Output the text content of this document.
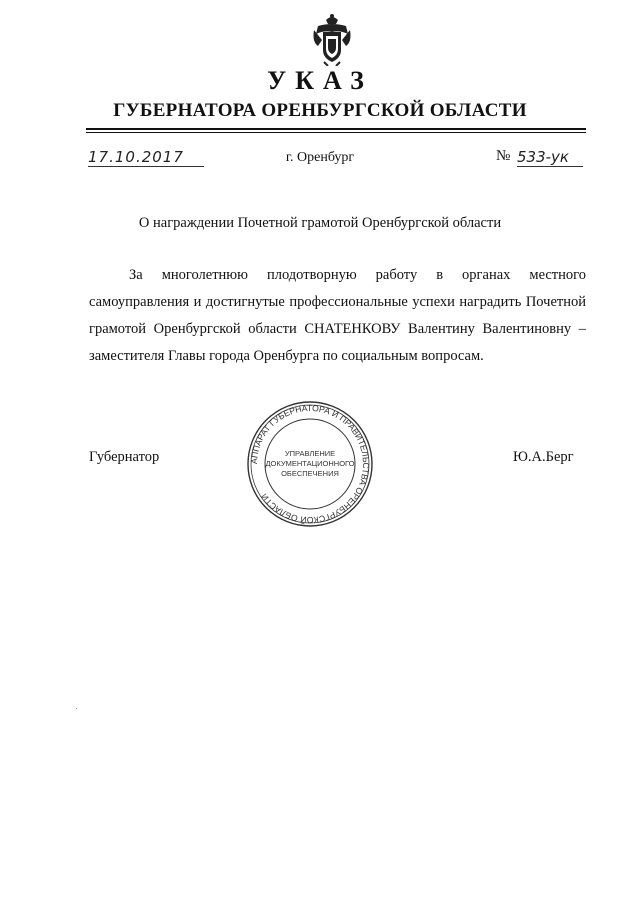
УКАЗ
ГУБЕРНАТОРА ОРЕНБУРГСКОЙ ОБЛАСТИ
17.10.2017	г. Оренбург	№ 533-ук
О награждении Почетной грамотой Оренбургской области

За многолетнюю плодотворную работу в органах местного самоуправления и достигнутые профессиональные успехи наградить Почетной грамотой Оренбургской области СНАТЕНКОВУ Валентину Валентиновну – заместителя Главы города Оренбурга по социальным вопросам.

Губернатор	АППАРАТ ГУБЕРНАТОРА И ПРАВИТЕЛЬСТВА ОРЕНБУРГСКОЙ ОБЛАСТИ
УПРАВЛЕНИЕ
ДОКУМЕНТАЦИОННОГО
ОБЕСПЕЧЕНИЯ
Ю.А.Берг
